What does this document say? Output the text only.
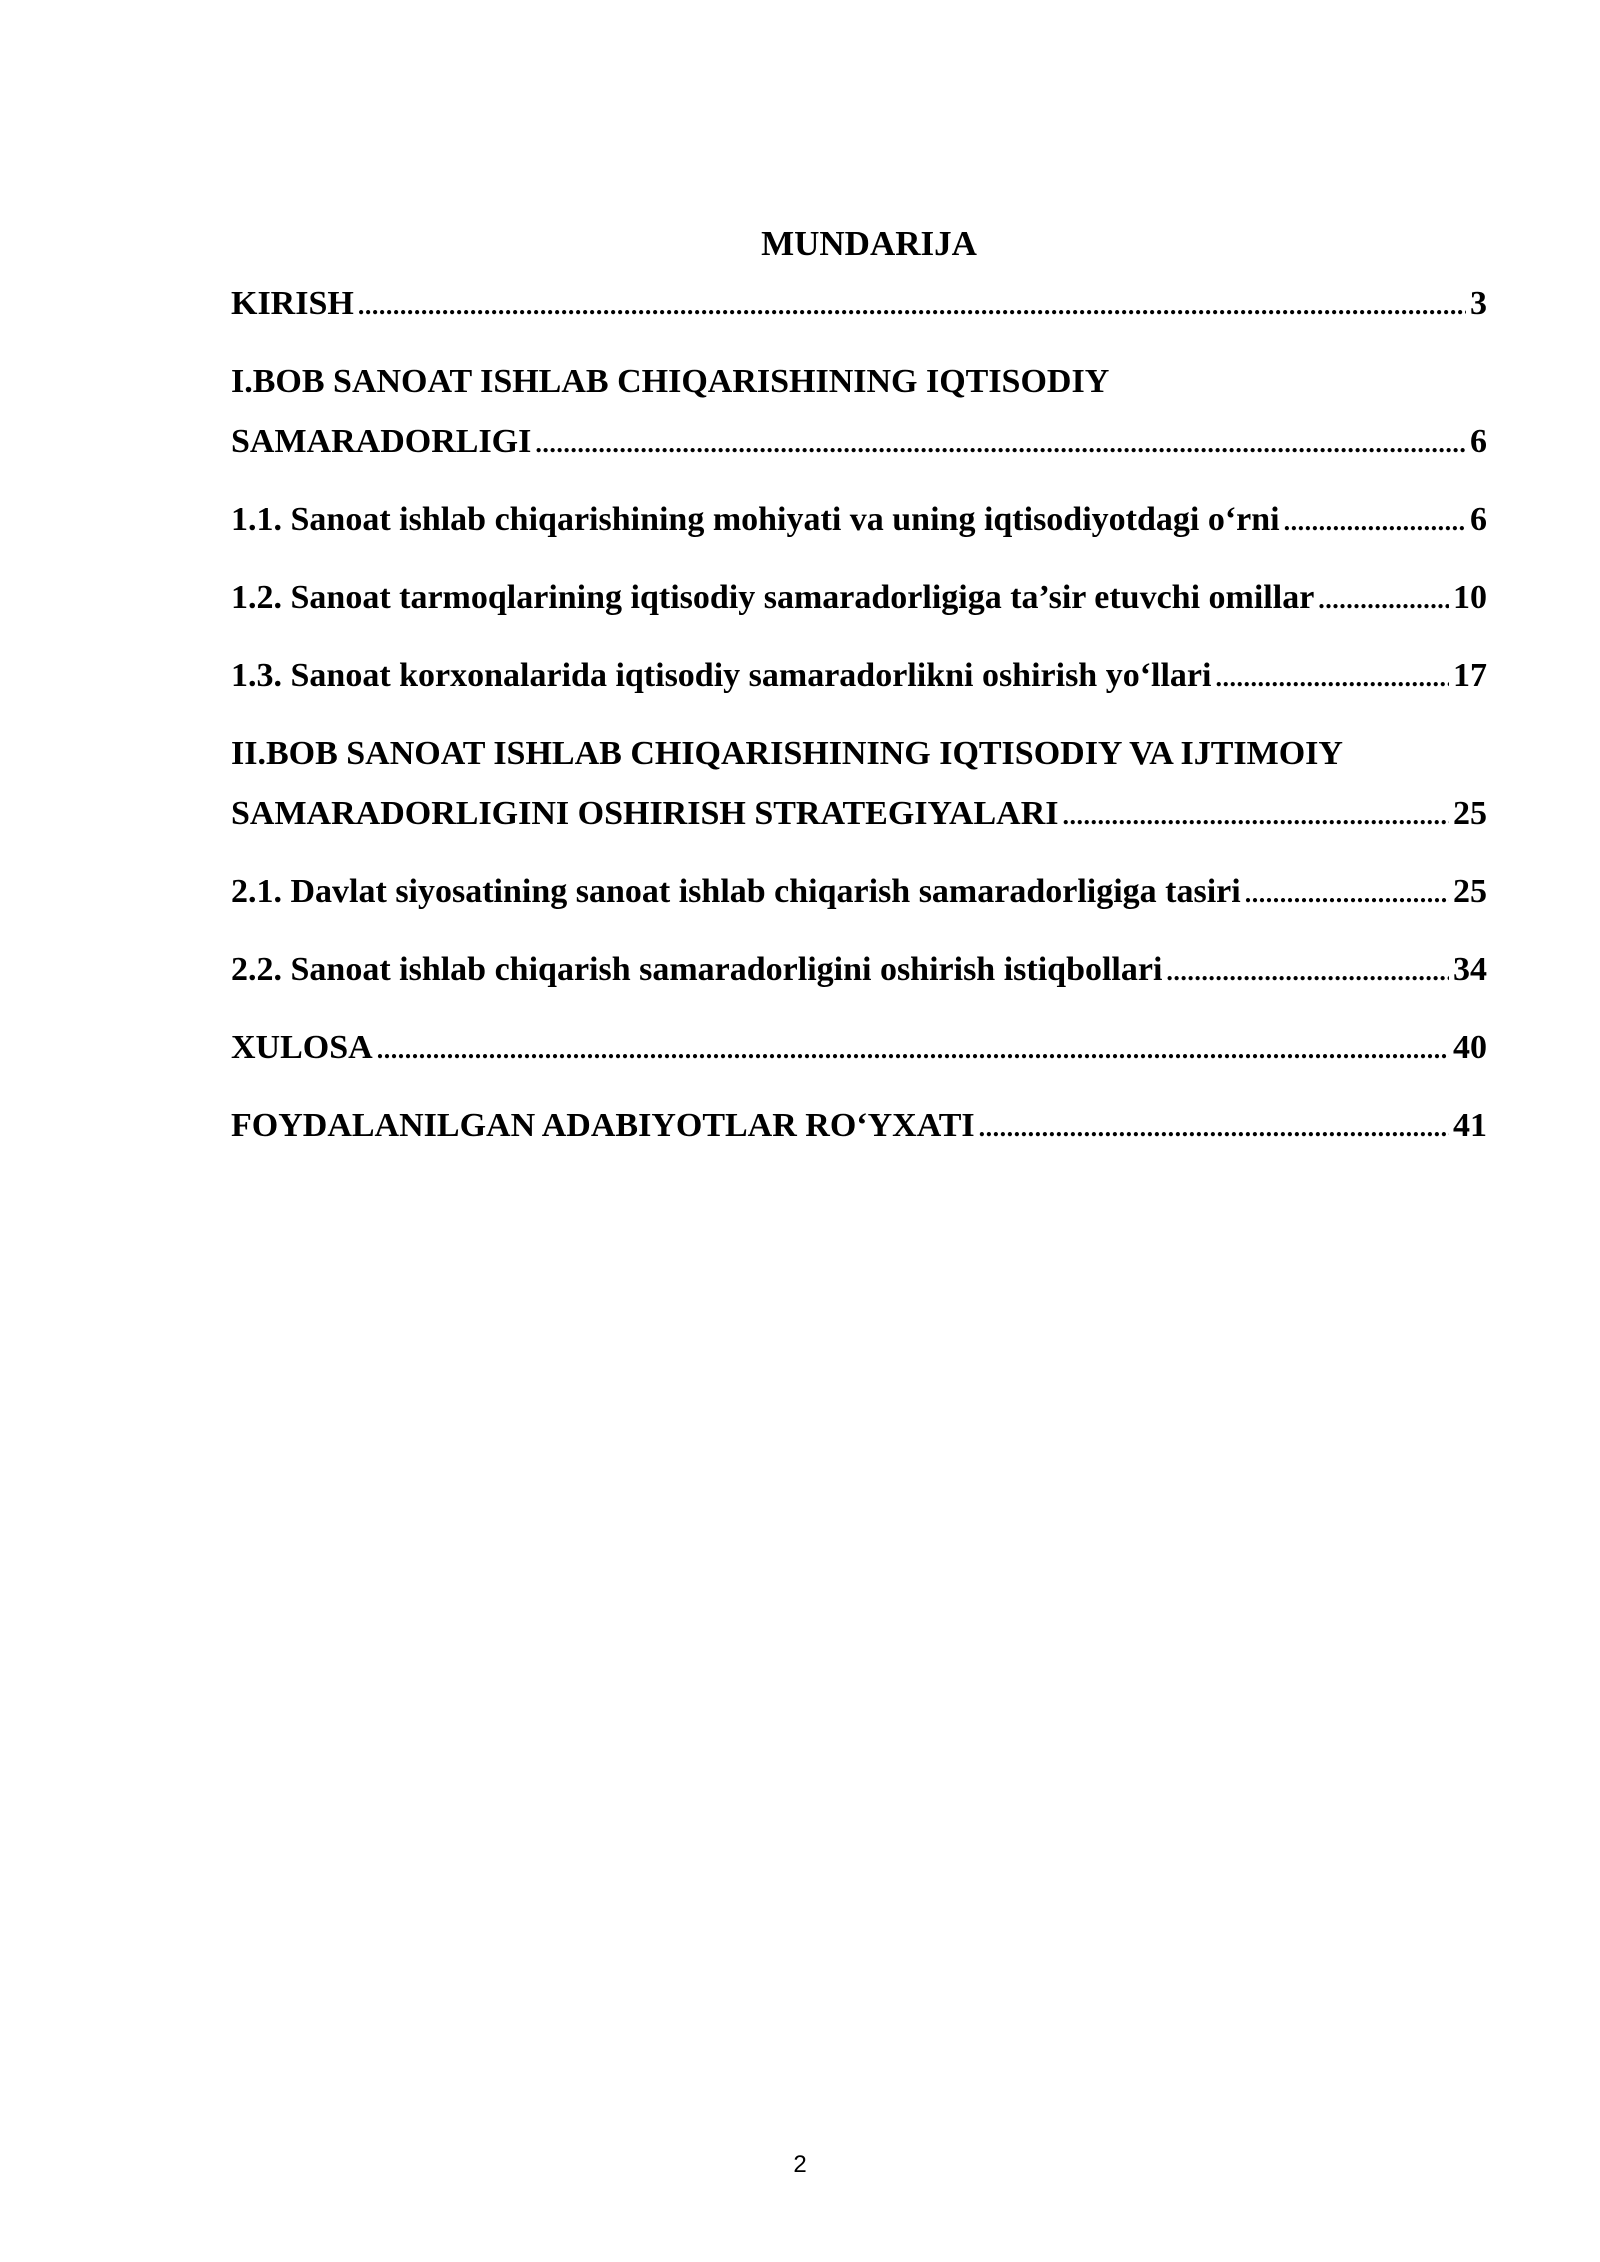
MUNDARIJA
KIRISH .....	3
I.BOB SANOAT ISHLAB CHIQARISHINING IQTISODIY
SAMARADORLIGI .....	6
1.1. Sanoat ishlab chiqarishining mohiyati va uning iqtisodiyotdagi o‘rni .....	6
1.2. Sanoat tarmoqlarining iqtisodiy samaradorligiga ta’sir etuvchi omillar .....	10
1.3. Sanoat korxonalarida iqtisodiy samaradorlikni oshirish yo‘llari .....	17
II.BOB SANOAT ISHLAB CHIQARISHINING IQTISODIY VA IJTIMOIY
SAMARADORLIGINI OSHIRISH STRATEGIYALARI .....	25
2.1. Davlat siyosatining sanoat ishlab chiqarish samaradorligiga tasiri .....	25
2.2. Sanoat ishlab chiqarish samaradorligini oshirish istiqbollari .....	34
XULOSA .....	40
FOYDALANILGAN ADABIYOTLAR RO‘YXATI .....	41
2
